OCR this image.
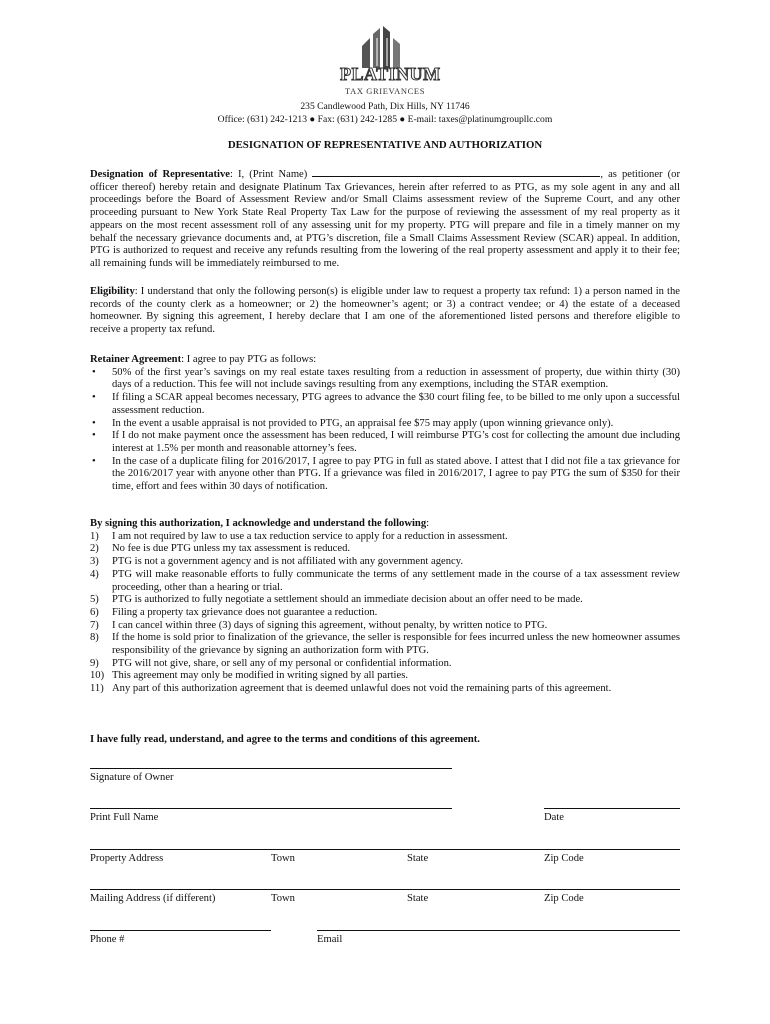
PLATINUM
TAX GRIEVANCES
235 Candlewood Path, Dix Hills, NY 11746
Office: (631) 242-1213 ● Fax: (631) 242-1285 ● E-mail: taxes@platinumgroupllc.com
DESIGNATION OF REPRESENTATIVE AND AUTHORIZATION

Designation of Representative: I, (Print Name)	, as petitioner (or officer thereof) hereby retain and designate Platinum Tax Grievances, herein after referred to as PTG, as my sole agent in any and all proceedings before the Board of Assessment Review and/or Small Claims assessment review of the Supreme Court, and any other proceeding pursuant to New York State Real Property Tax Law for the purpose of reviewing the assessment of my real property as it appears on the most recent assessment roll of any assessing unit for my property. PTG will prepare and file in a timely manner on my behalf the necessary grievance documents and, at PTG’s discretion, file a Small Claims Assessment Review (SCAR) appeal. In addition, PTG is authorized to request and receive any refunds resulting from the lowering of the real property assessment and apply it to their fee; all remaining funds will be immediately reimbursed to me.

Eligibility: I understand that only the following person(s) is eligible under law to request a property tax refund: 1) a person named in the records of the county clerk as a homeowner; or 2) the homeowner’s agent; or 3) a contract vendee; or 4) the estate of a deceased homeowner. By signing this agreement, I hereby declare that I am one of the aforementioned listed persons and therefore eligible to receive a property tax refund.

Retainer Agreement: I agree to pay PTG as follows:

• 50% of the first year’s savings on my real estate taxes resulting from a reduction in assessment of property, due within thirty (30) days of a reduction. This fee will not include savings resulting from any exemptions, including the STAR exemption.
• If filing a SCAR appeal becomes necessary, PTG agrees to advance the $30 court filing fee, to be billed to me only upon a successful assessment reduction.
• In the event a usable appraisal is not provided to PTG, an appraisal fee $75 may apply (upon winning grievance only).
• If I do not make payment once the assessment has been reduced, I will reimburse PTG’s cost for collecting the amount due including interest at 1.5% per month and reasonable attorney’s fees.
• In the case of a duplicate filing for 2016/2017, I agree to pay PTG in full as stated above. I attest that I did not file a tax grievance for the 2016/2017 year with anyone other than PTG. If a grievance was filed in 2016/2017, I agree to pay PTG the sum of $350 for their time, effort and fees within 30 days of notification.

By signing this authorization, I acknowledge and understand the following:

1) I am not required by law to use a tax reduction service to apply for a reduction in assessment.
2) No fee is due PTG unless my tax assessment is reduced.
3) PTG is not a government agency and is not affiliated with any government agency.
4) PTG will make reasonable efforts to fully communicate the terms of any settlement made in the course of a tax assessment review proceeding, other than a hearing or trial.
5) PTG is authorized to fully negotiate a settlement should an immediate decision about an offer need to be made.
6) Filing a property tax grievance does not guarantee a reduction.
7) I can cancel within three (3) days of signing this agreement, without penalty, by written notice to PTG.
8) If the home is sold prior to finalization of the grievance, the seller is responsible for fees incurred unless the new homeowner assumes responsibility of the grievance by signing an authorization form with PTG.
9) PTG will not give, share, or sell any of my personal or confidential information.
10) This agreement may only be modified in writing signed by all parties.
11) Any part of this authorization agreement that is deemed unlawful does not void the remaining parts of this agreement.
I have fully read, understand, and agree to the terms and conditions of this agreement.
Signature of Owner
Print Full Name	Date
Property Address	Town	State	Zip Code
Mailing Address (if different)	Town	State	Zip Code
Phone #	Email
